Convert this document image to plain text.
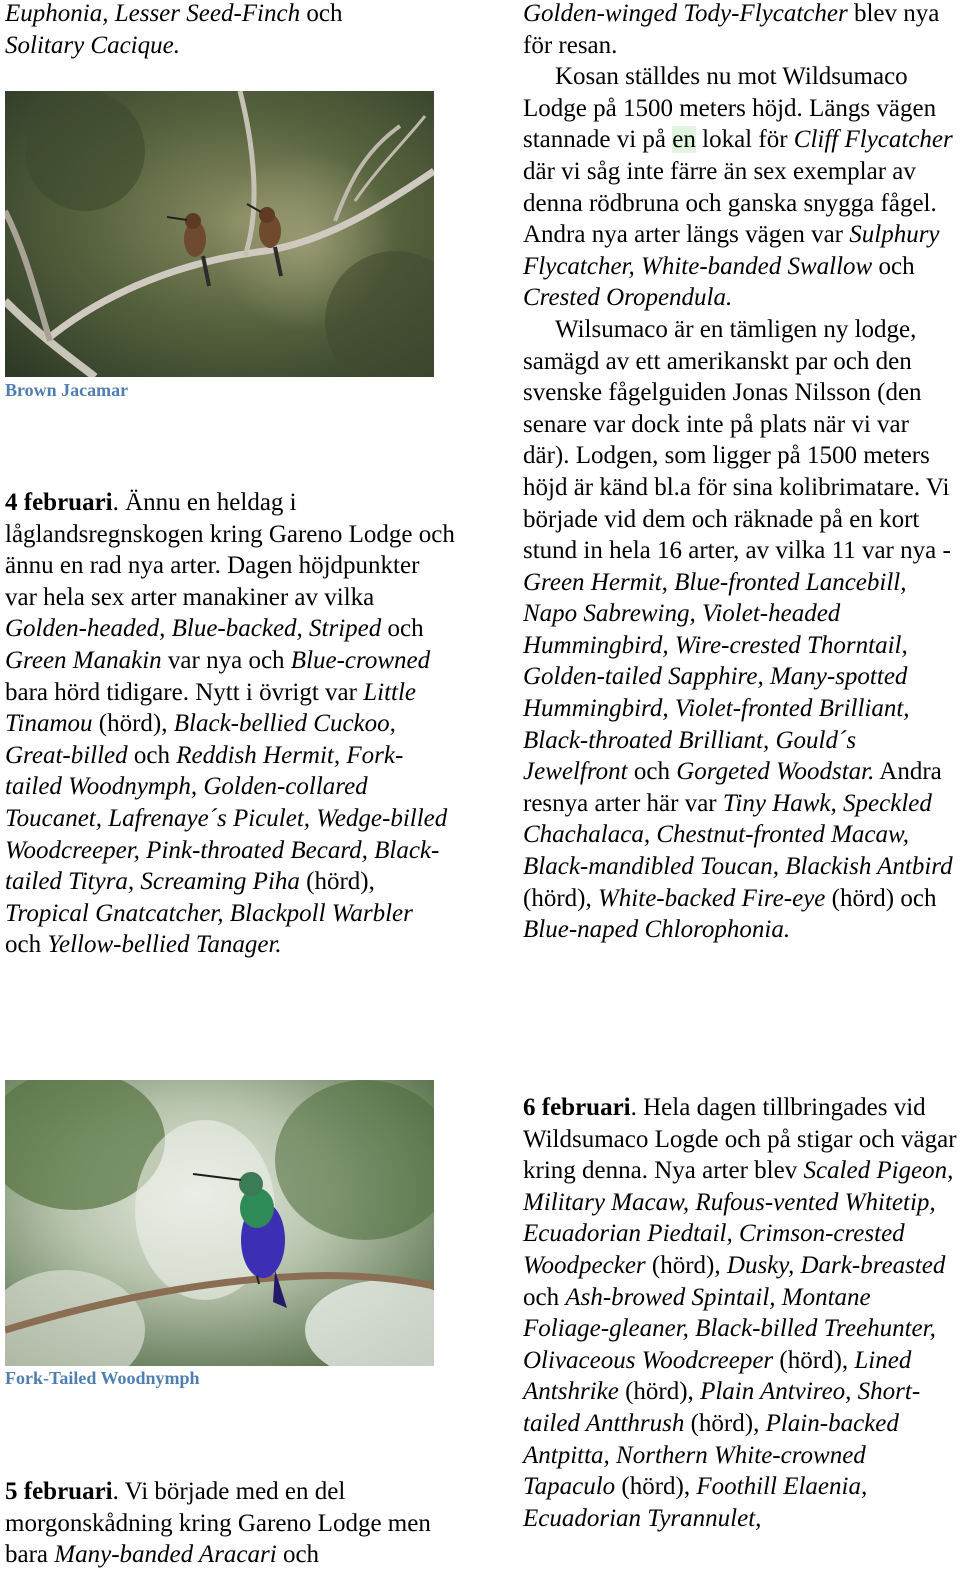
Euphonia, Lesser Seed-Finch och
Solitary Cacique.

Brown Jacamar

4 februari. Ännu en heldag i låglandsregnskogen kring Gareno Lodge och ännu en rad nya arter. Dagen höjdpunkter var hela sex arter manakiner av vilka Golden-headed, Blue-backed, Striped och Green Manakin var nya och Blue-crowned bara hörd tidigare. Nytt i övrigt var Little Tinamou (hörd), Black-bellied Cuckoo, Great-billed och Reddish Hermit, Fork-tailed Woodnymph, Golden-collared Toucanet, Lafrenaye´s Piculet, Wedge-billed Woodcreeper, Pink-throated Becard, Black-tailed Tityra, Screaming Piha (hörd), Tropical Gnatcatcher, Blackpoll Warbler och Yellow-bellied Tanager.

Fork-Tailed Woodnymph

5 februari. Vi började med en del morgonskådning kring Gareno Lodge men bara Many-banded Aracari och

Golden-winged Tody-Flycatcher blev nya för resan.

Kosan ställdes nu mot Wildsumaco Lodge på 1500 meters höjd. Längs vägen stannade vi på en lokal för Cliff Flycatcher där vi såg inte färre än sex exemplar av denna rödbruna och ganska snygga fågel. Andra nya arter längs vägen var Sulphury Flycatcher, White-banded Swallow och Crested Oropendula.

Wilsumaco är en tämligen ny lodge, samägd av ett amerikanskt par och den svenske fågelguiden Jonas Nilsson (den senare var dock inte på plats när vi var där). Lodgen, som ligger på 1500 meters höjd är känd bl.a för sina kolibrimatare. Vi började vid dem och räknade på en kort stund in hela 16 arter, av vilka 11 var nya - Green Hermit, Blue-fronted Lancebill, Napo Sabrewing, Violet-headed Hummingbird, Wire-crested Thorntail, Golden-tailed Sapphire, Many-spotted Hummingbird, Violet-fronted Brilliant, Black-throated Brilliant, Gould´s Jewelfront och Gorgeted Woodstar. Andra resnya arter här var Tiny Hawk, Speckled Chachalaca, Chestnut-fronted Macaw, Black-mandibled Toucan, Blackish Antbird (hörd), White-backed Fire-eye (hörd) och Blue-naped Chlorophonia.

6 februari. Hela dagen tillbringades vid Wildsumaco Logde och på stigar och vägar kring denna. Nya arter blev Scaled Pigeon, Military Macaw, Rufous-vented Whitetip, Ecuadorian Piedtail, Crimson-crested Woodpecker (hörd), Dusky, Dark-breasted och Ash-browed Spintail, Montane Foliage-gleaner, Black-billed Treehunter, Olivaceous Woodcreeper (hörd), Lined Antshrike (hörd), Plain Antvireo, Short-tailed Antthrush (hörd), Plain-backed Antpitta, Northern White-crowned Tapaculo (hörd), Foothill Elaenia, Ecuadorian Tyrannulet,
